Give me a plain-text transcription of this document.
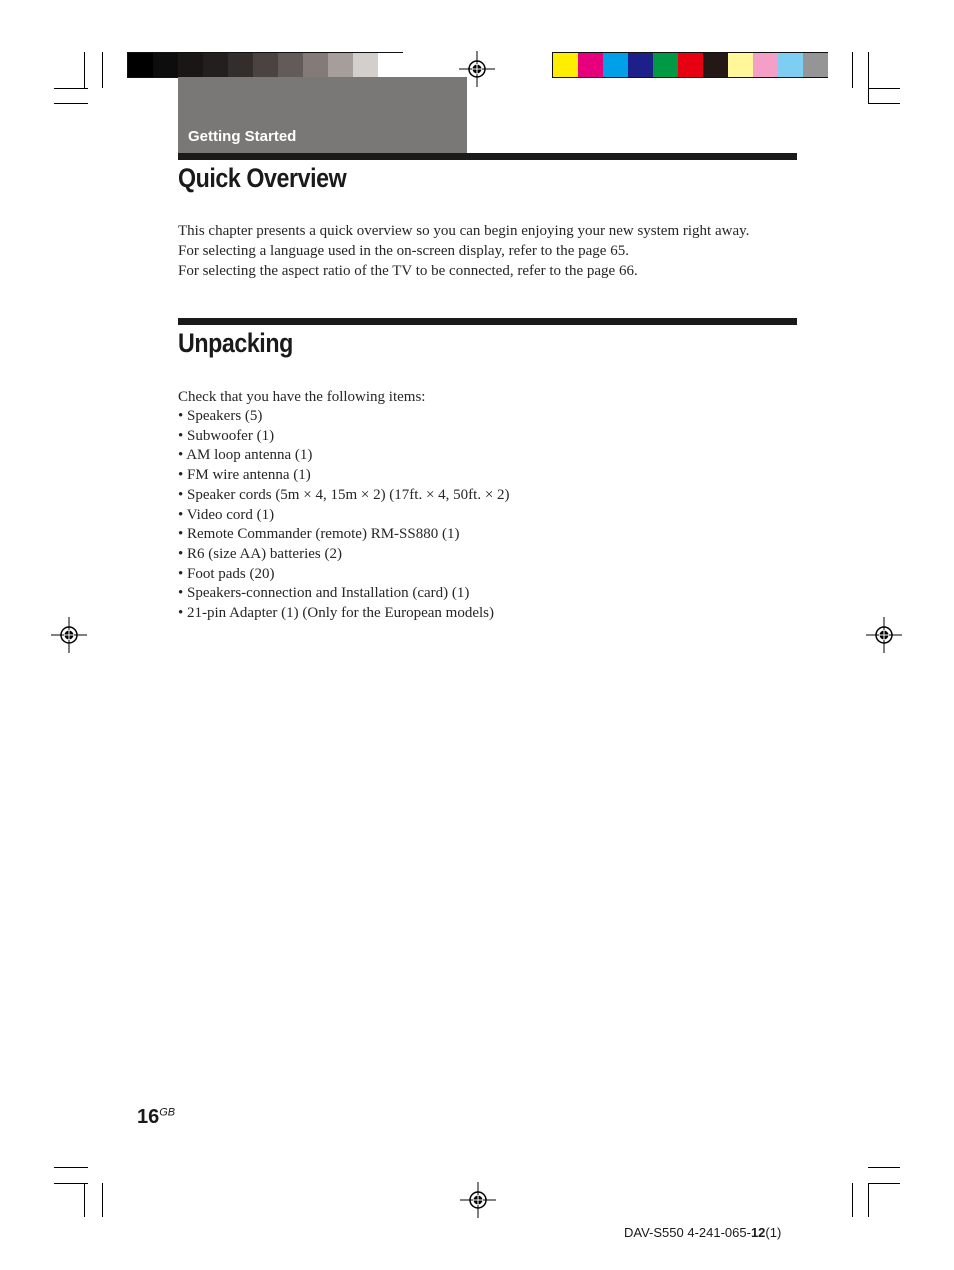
Getting Started
Quick Overview

This chapter presents a quick overview so you can begin enjoying your new system right away.

For selecting a language used in the on-screen display, refer to the page 65.

For selecting the aspect ratio of the TV to be connected, refer to the page 66.

Unpacking

Check that you have the following items:

• Speakers (5)
• Subwoofer (1)
• AM loop antenna (1)
• FM wire antenna (1)
• Speaker cords (5m × 4, 15m × 2) (17ft. × 4, 50ft. × 2)
• Video cord (1)
• Remote Commander (remote) RM-SS880 (1)
• R6 (size AA) batteries (2)
• Foot pads (20)
• Speakers-connection and Installation (card) (1)
• 21-pin Adapter (1) (Only for the European models)
$16^{GB}$
DAV-S550 4-241-065-12(1)
